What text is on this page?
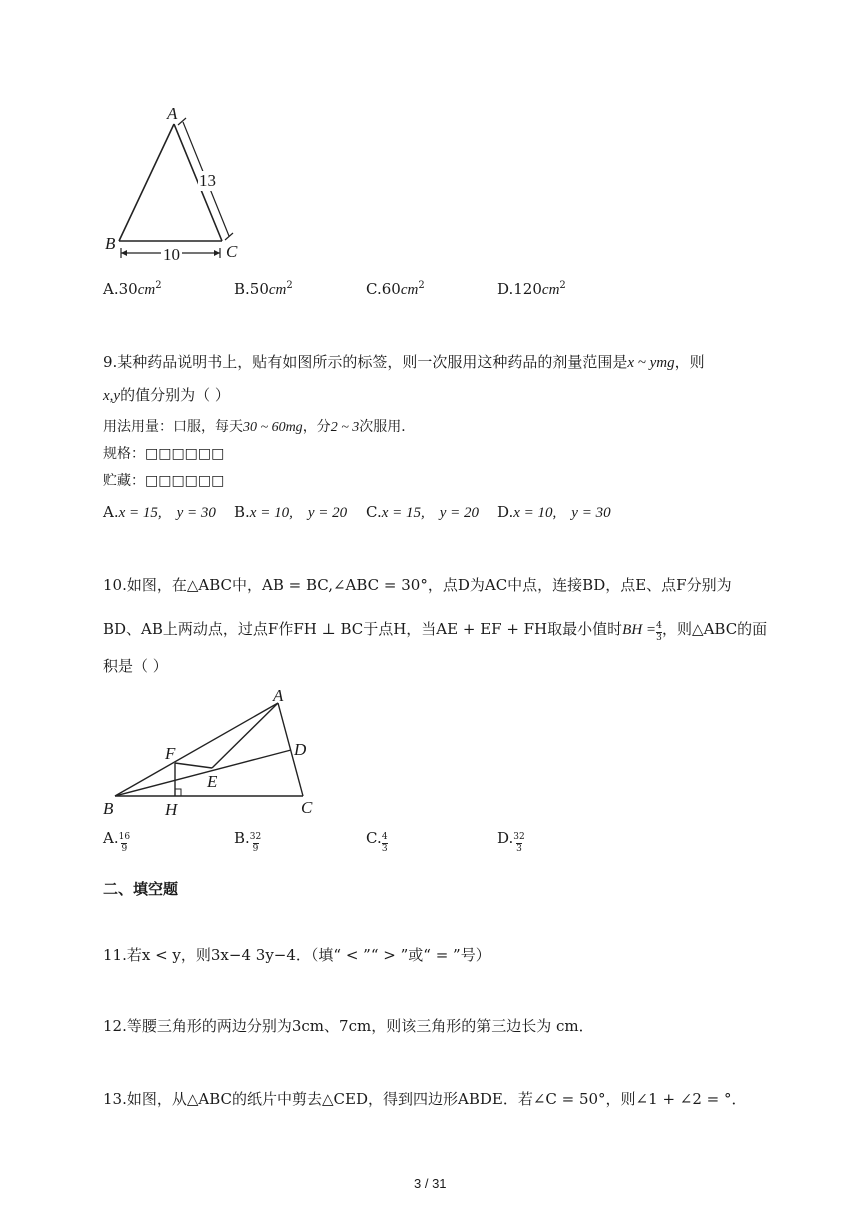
A
B	C
13
10
$A.30cm^2$	$B.50cm^2$	$C.60cm^2$	$D.120cm^2$
9.某种药品说明书上，贴有如图所示的标签，则一次服用这种药品的剂量范围是x ~ ymg，则
x,y的值分别为（ ）
用法用量：口服，每天30 ~ 60mg，分2 ~ 3次服用．
规格：□□□□□□
贮藏：□□□□□□
A.x = 15,    y = 30 B.x = 10,    y = 20 C.x = 15,    y = 20 D.x = 10,    y = 30
10.如图，在△ABC中，AB = BC,∠ABC = 30°，点D为AC中点，连接BD，点E、点F分别为
BD、AB上两动点，过点F作FH ⊥ BC于点H，当AE + EF + FH取最小值时BH = $\frac{4}{3}$ ，则△ABC的面
积是（ ）
A
B	C
D
E
F
H
A. $\frac{16}{9}$	B. $\frac{32}{9}$	C. $\frac{4}{3}$	D. $\frac{32}{3}$
二、填空题
11.若x < y，则3x−4 3y−4．（填“ < ”“ > ”或“ = ”号）
12.等腰三角形的两边分别为3cm、7cm，则该三角形的第三边长为 cm．
13.如图，从△ABC的纸片中剪去△CED，得到四边形ABDE．若∠C = 50°，则∠1 + ∠2 = °．
3 / 31
